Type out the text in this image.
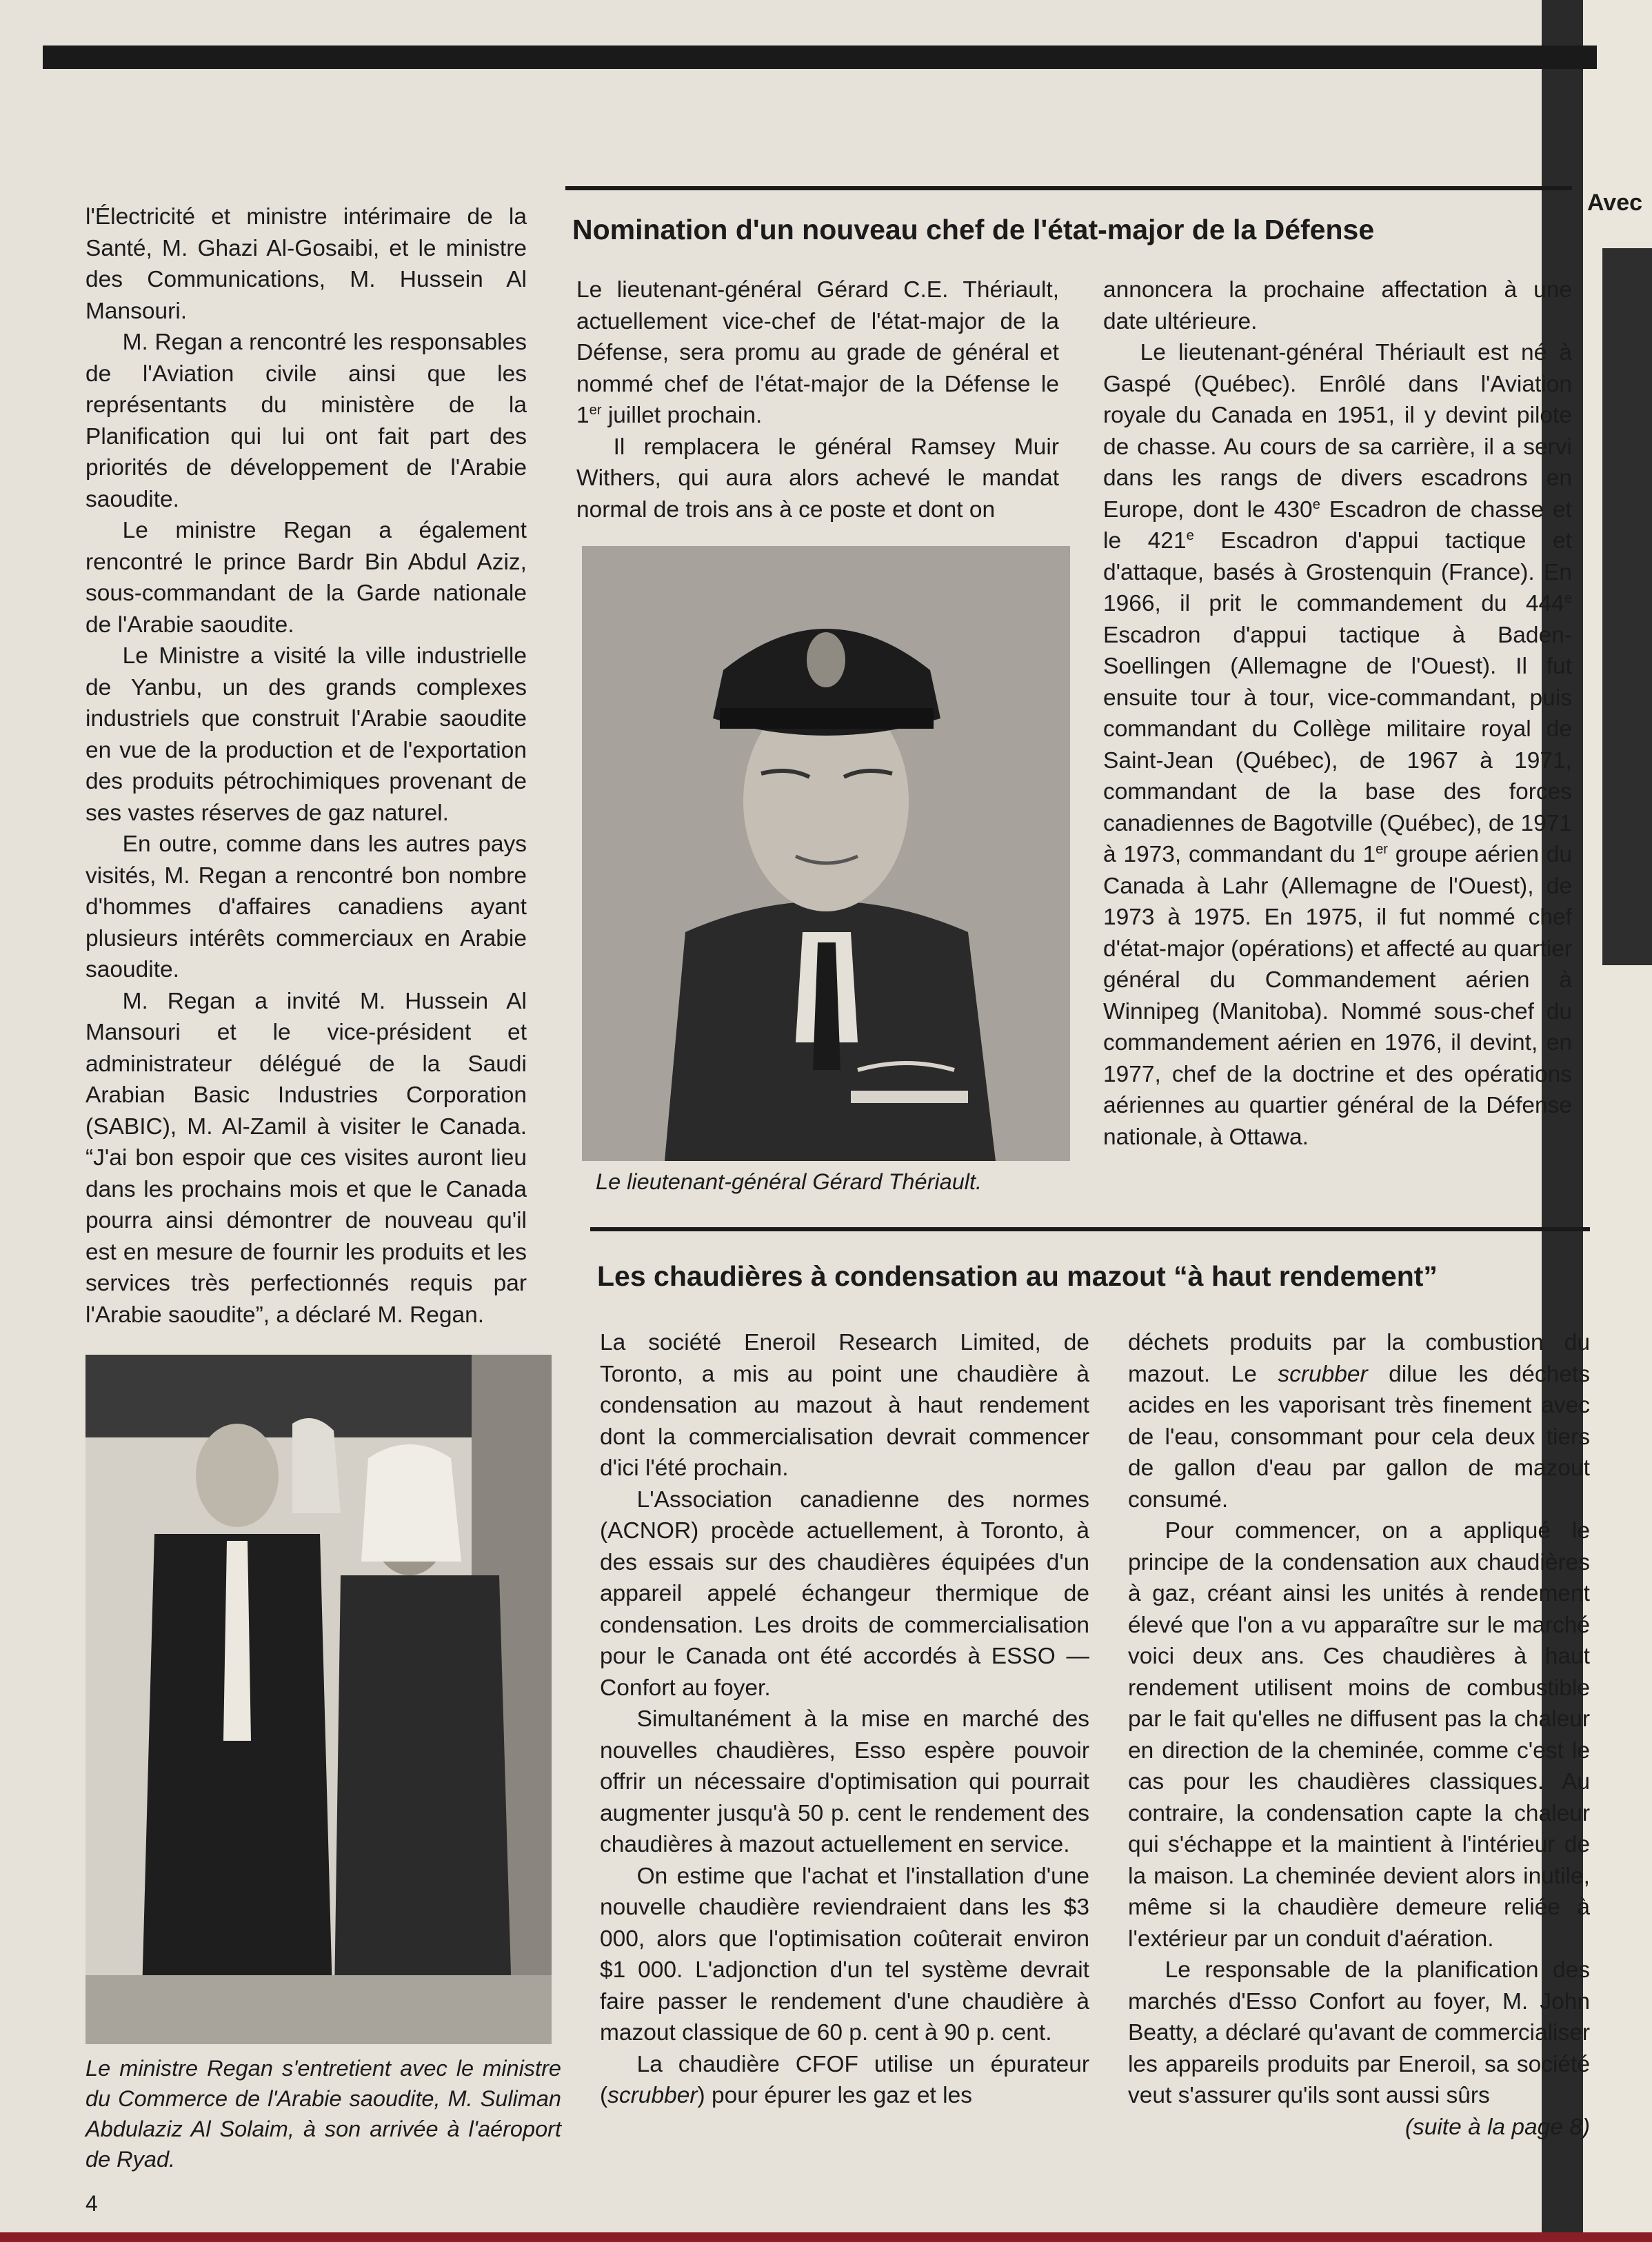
Avec

l'Électricité et ministre intérimaire de la Santé, M. Ghazi Al-Gosaibi, et le ministre des Communications, M. Hussein Al Mansouri.

M. Regan a rencontré les responsables de l'Aviation civile ainsi que les représentants du ministère de la Planification qui lui ont fait part des priorités de développement de l'Arabie saoudite.

Le ministre Regan a également rencontré le prince Bardr Bin Abdul Aziz, sous-commandant de la Garde nationale de l'Arabie saoudite.

Le Ministre a visité la ville industrielle de Yanbu, un des grands complexes industriels que construit l'Arabie saoudite en vue de la production et de l'exportation des produits pétrochimiques provenant de ses vastes réserves de gaz naturel.

En outre, comme dans les autres pays visités, M. Regan a rencontré bon nombre d'hommes d'affaires canadiens ayant plusieurs intérêts commerciaux en Arabie saoudite.

M. Regan a invité M. Hussein Al Mansouri et le vice-président et administrateur délégué de la Saudi Arabian Basic Industries Corporation (SABIC), M. Al-Zamil à visiter le Canada. “J'ai bon espoir que ces visites auront lieu dans les prochains mois et que le Canada pourra ainsi démontrer de nouveau qu'il est en mesure de fournir les produits et les services très perfectionnés requis par l'Arabie saoudite”, a déclaré M. Regan.

Le ministre Regan s'entretient avec le ministre du Commerce de l'Arabie saoudite, M. Suliman Abdulaziz Al Solaim, à son arrivée à l'aéroport de Ryad.
Nomination d'un nouveau chef de l'état-major de la Défense

Le lieutenant-général Gérard C.E. Thériault, actuellement vice-chef de l'état-major de la Défense, sera promu au grade de général et nommé chef de l'état-major de la Défense le 1er juillet prochain.

Il remplacera le général Ramsey Muir Withers, qui aura alors achevé le mandat normal de trois ans à ce poste et dont on

Le lieutenant-général Gérard Thériault.

annoncera la prochaine affectation à une date ultérieure.

Le lieutenant-général Thériault est né à Gaspé (Québec). Enrôlé dans l'Aviation royale du Canada en 1951, il y devint pilote de chasse. Au cours de sa carrière, il a servi dans les rangs de divers escadrons en Europe, dont le 430e Escadron de chasse et le 421e Escadron d'appui tactique et d'attaque, basés à Grostenquin (France). En 1966, il prit le commandement du 444e Escadron d'appui tactique à Baden-Soellingen (Allemagne de l'Ouest). Il fut ensuite tour à tour, vice-commandant, puis commandant du Collège militaire royal de Saint-Jean (Québec), de 1967 à 1971, commandant de la base des forces canadiennes de Bagotville (Québec), de 1971 à 1973, commandant du 1er groupe aérien du Canada à Lahr (Allemagne de l'Ouest), de 1973 à 1975. En 1975, il fut nommé chef d'état-major (opérations) et affecté au quartier général du Commandement aérien à Winnipeg (Manitoba). Nommé sous-chef du commandement aérien en 1976, il devint, en 1977, chef de la doctrine et des opérations aériennes au quartier général de la Défense nationale, à Ottawa.

Les chaudières à condensation au mazout “à haut rendement”

La société Eneroil Research Limited, de Toronto, a mis au point une chaudière à condensation au mazout à haut rendement dont la commercialisation devrait commencer d'ici l'été prochain.

L'Association canadienne des normes (ACNOR) procède actuellement, à Toronto, à des essais sur des chaudières équipées d'un appareil appelé échangeur thermique de condensation. Les droits de commercialisation pour le Canada ont été accordés à ESSO — Confort au foyer.

Simultanément à la mise en marché des nouvelles chaudières, Esso espère pouvoir offrir un nécessaire d'optimisation qui pourrait augmenter jusqu'à 50 p. cent le rendement des chaudières à mazout actuellement en service.

On estime que l'achat et l'installation d'une nouvelle chaudière reviendraient dans les $3 000, alors que l'optimisation coûterait environ $1 000. L'adjonction d'un tel système devrait faire passer le rendement d'une chaudière à mazout classique de 60 p. cent à 90 p. cent.

La chaudière CFOF utilise un épurateur (scrubber) pour épurer les gaz et les

déchets produits par la combustion du mazout. Le scrubber dilue les déchets acides en les vaporisant très finement avec de l'eau, consommant pour cela deux tiers de gallon d'eau par gallon de mazout consumé.

Pour commencer, on a appliqué le principe de la condensation aux chaudières à gaz, créant ainsi les unités à rendement élevé que l'on a vu apparaître sur le marché voici deux ans. Ces chaudières à haut rendement utilisent moins de combustible par le fait qu'elles ne diffusent pas la chaleur en direction de la cheminée, comme c'est le cas pour les chaudières classiques. Au contraire, la condensation capte la chaleur qui s'échappe et la maintient à l'intérieur de la maison. La cheminée devient alors inutile, même si la chaudière demeure reliée à l'extérieur par un conduit d'aération.

Le responsable de la planification des marchés d'Esso Confort au foyer, M. John Beatty, a déclaré qu'avant de commercialiser les appareils produits par Eneroil, sa société veut s'assurer qu'ils sont aussi sûrs

(suite à la page 8)

4
